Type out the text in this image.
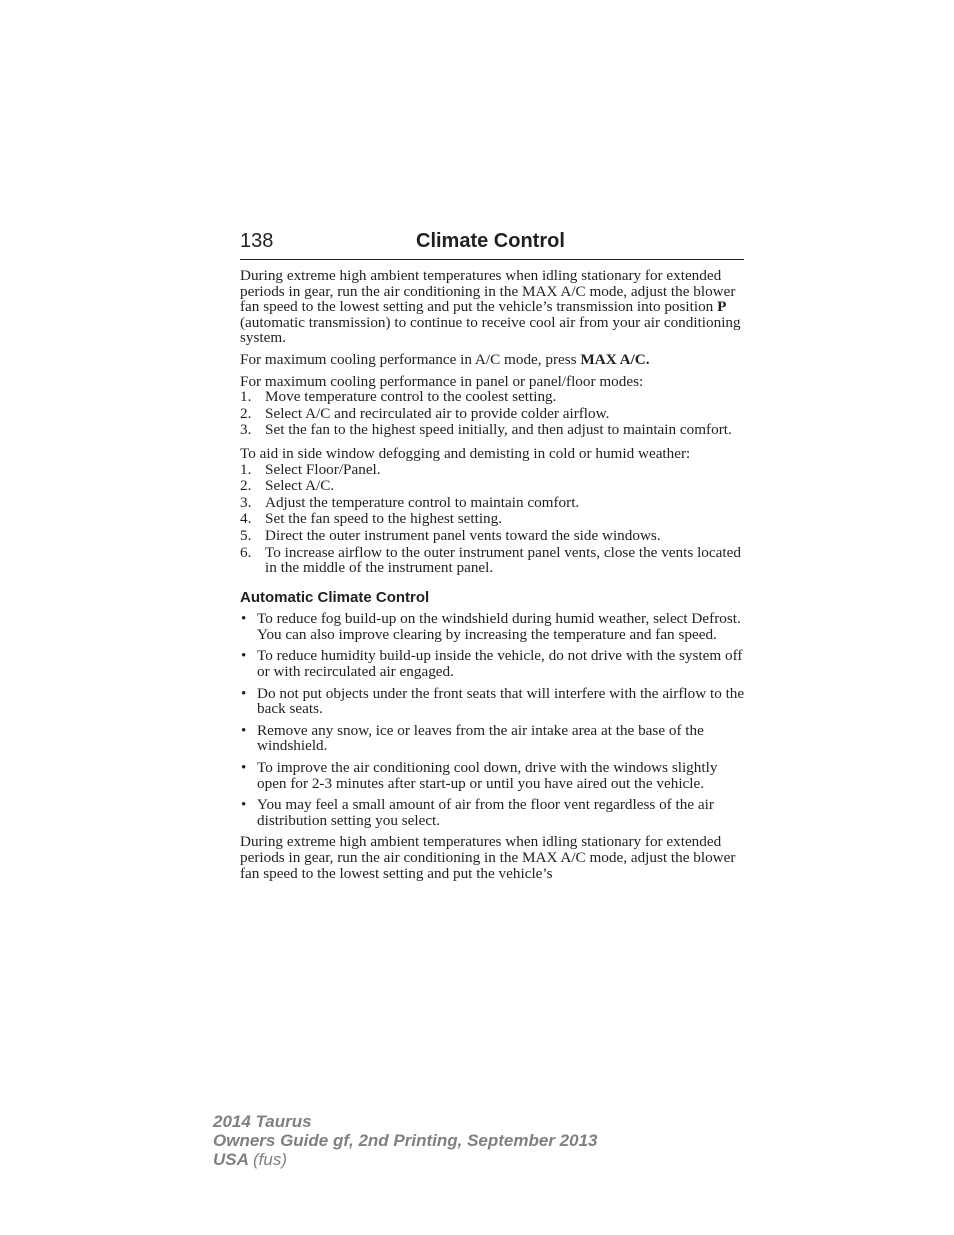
138	Climate Control

During extreme high ambient temperatures when idling stationary for extended periods in gear, run the air conditioning in the MAX A/C mode, adjust the blower fan speed to the lowest setting and put the vehicle’s transmission into position P (automatic transmission) to continue to receive cool air from your air conditioning system.

For maximum cooling performance in A/C mode, press MAX A/C.

For maximum cooling performance in panel or panel/floor modes:

1. Move temperature control to the coolest setting.
2. Select A/C and recirculated air to provide colder airflow.
3. Set the fan to the highest speed initially, and then adjust to maintain comfort.

To aid in side window defogging and demisting in cold or humid weather:

1. Select Floor/Panel.
2. Select A/C.
3. Adjust the temperature control to maintain comfort.
4. Set the fan speed to the highest setting.
5. Direct the outer instrument panel vents toward the side windows.
6. To increase airflow to the outer instrument panel vents, close the vents located in the middle of the instrument panel.
Automatic Climate Control
• To reduce fog build-up on the windshield during humid weather, select Defrost. You can also improve clearing by increasing the temperature and fan speed.
• To reduce humidity build-up inside the vehicle, do not drive with the system off or with recirculated air engaged.
• Do not put objects under the front seats that will interfere with the airflow to the back seats.
• Remove any snow, ice or leaves from the air intake area at the base of the windshield.
• To improve the air conditioning cool down, drive with the windows slightly open for 2-3 minutes after start-up or until you have aired out the vehicle.
• You may feel a small amount of air from the floor vent regardless of the air distribution setting you select.

During extreme high ambient temperatures when idling stationary for extended periods in gear, run the air conditioning in the MAX A/C mode, adjust the blower fan speed to the lowest setting and put the vehicle’s

2014 Taurus
Owners Guide gf, 2nd Printing, September 2013
USA (fus)
